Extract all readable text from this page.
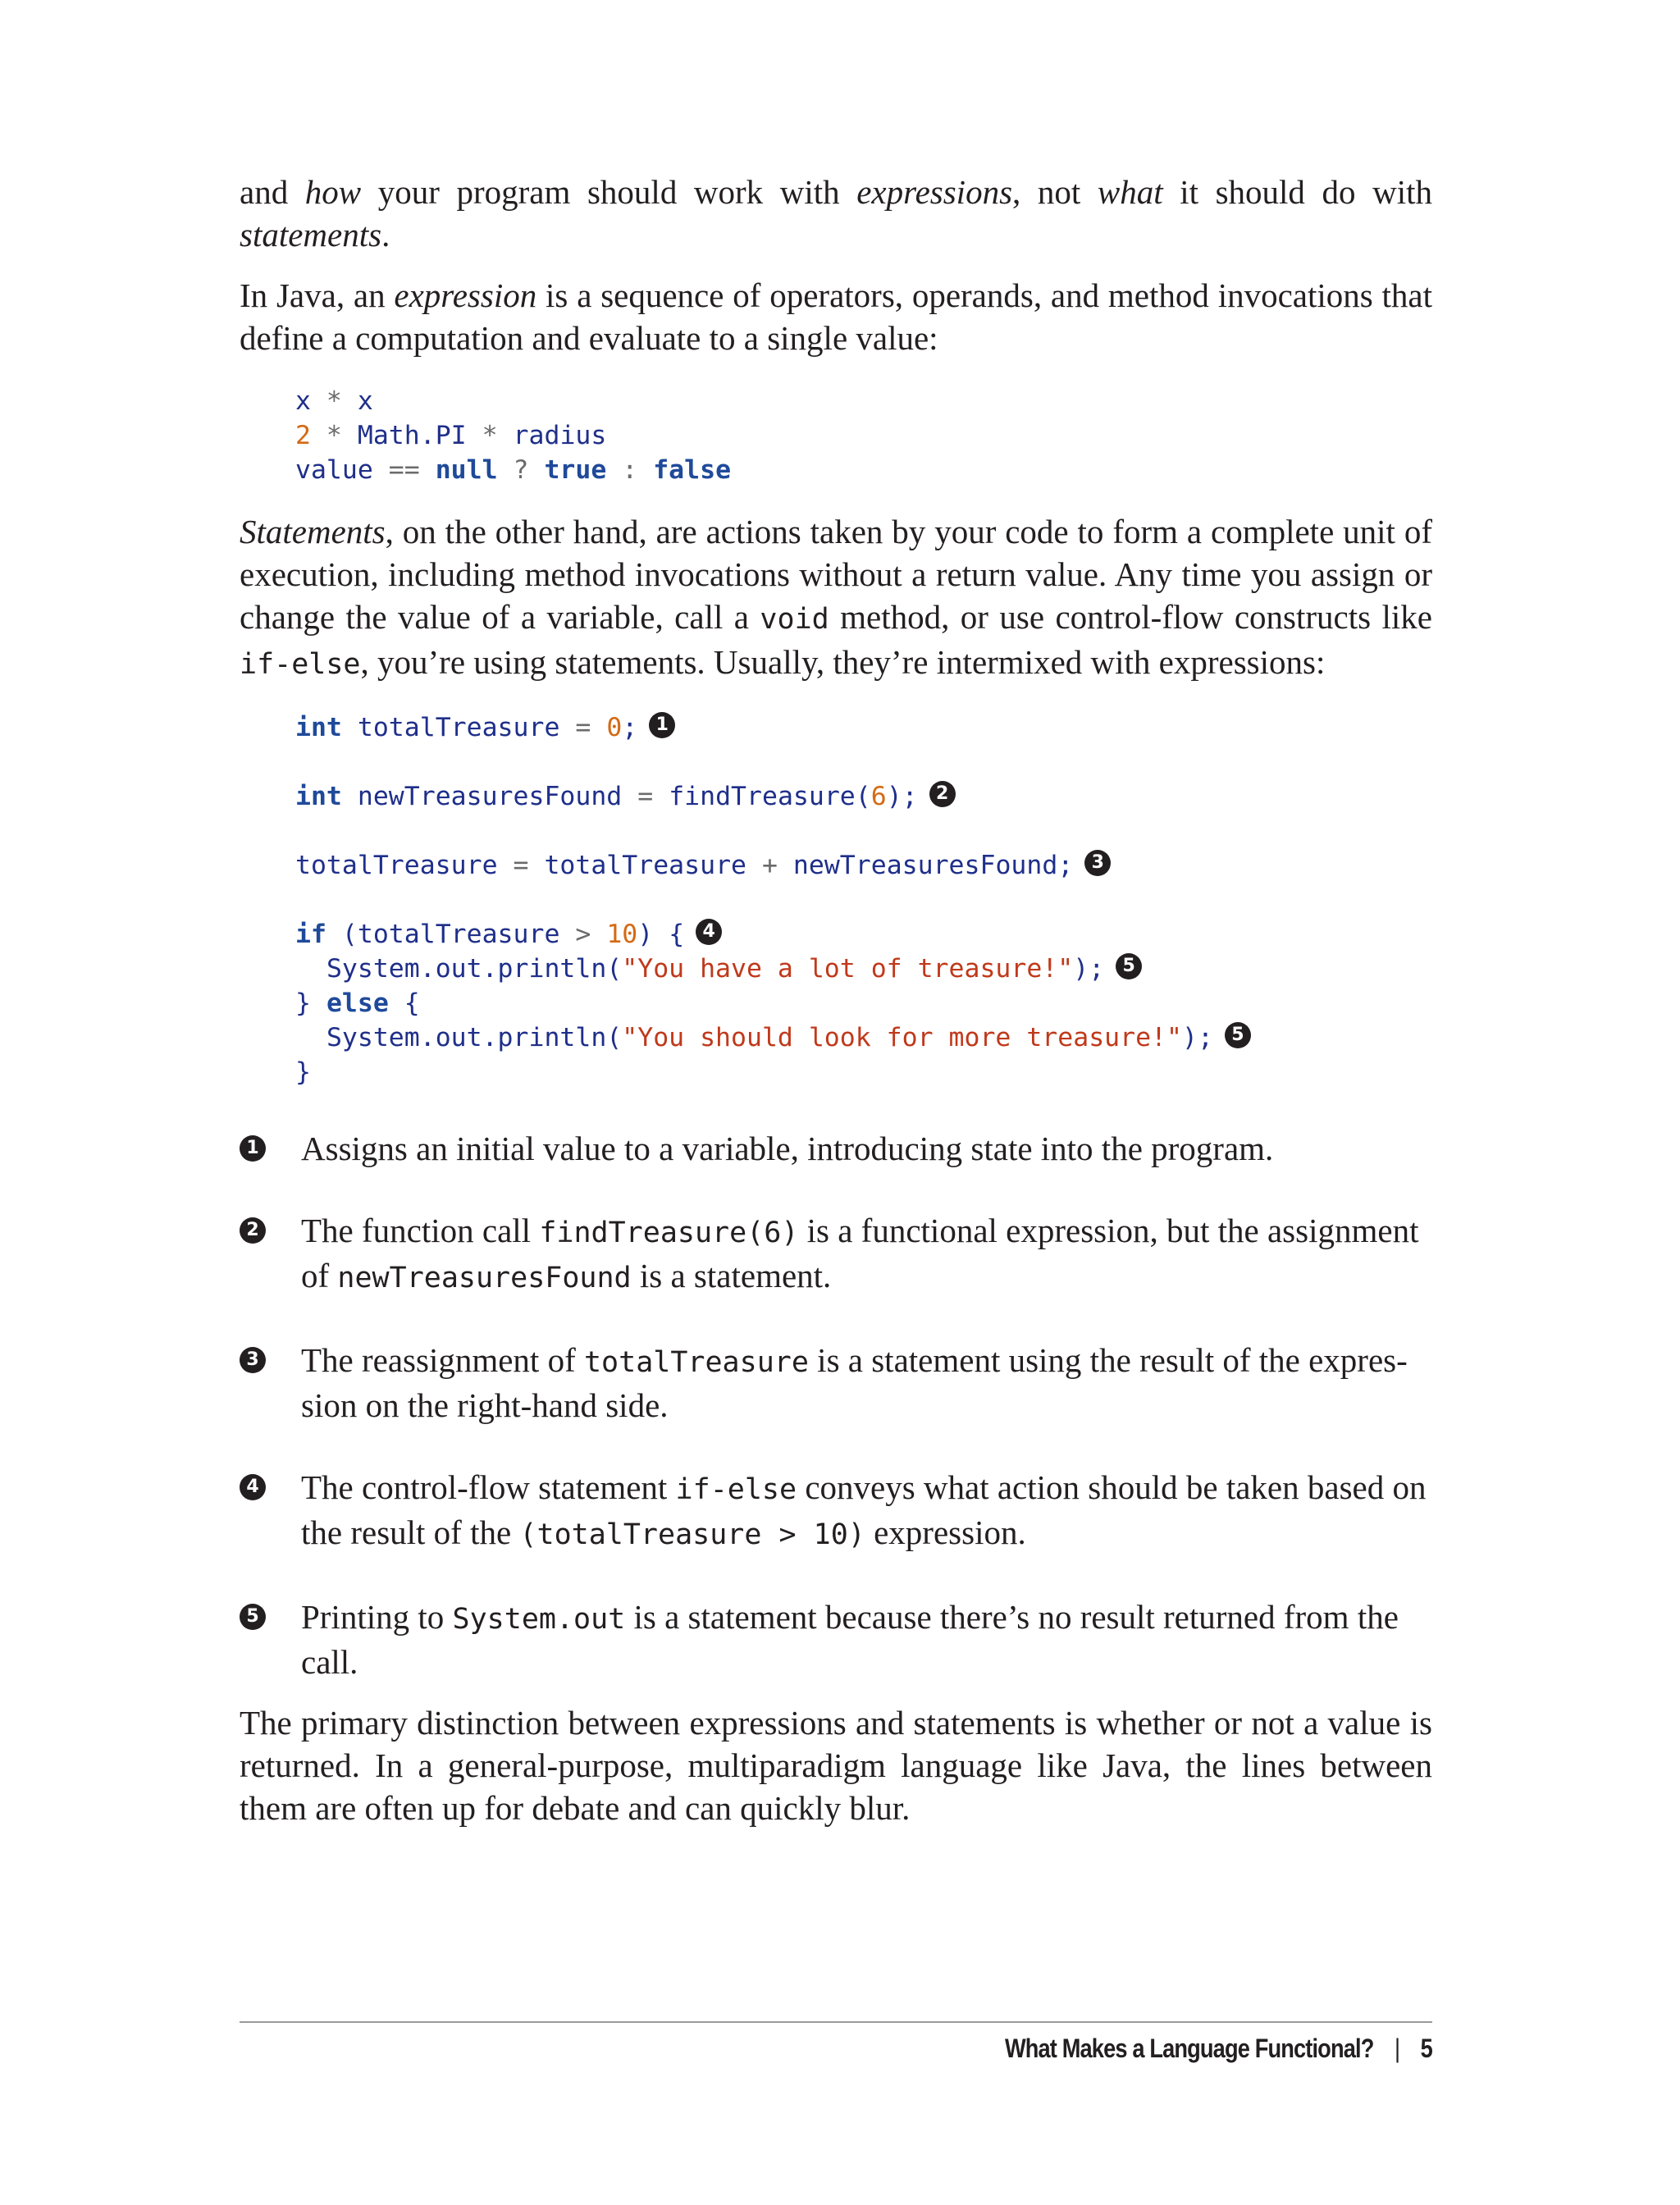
and how your program should work with expressions, not what it should do with statements.

In Java, an expression is a sequence of operators, operands, and method invocations that define a computation and evaluate to a single value:

x * x
2 * Math.PI * radius
value == null ? true : false

Statements, on the other hand, are actions taken by your code to form a complete unit of execution, including method invocations without a return value. Any time you assign or change the value of a variable, call a void method, or use control-flow constructs like if-else, you’re using statements. Usually, they’re intermixed with expressions:

int totalTreasure = 0; 1

int newTreasuresFound = findTreasure(6); 2

totalTreasure = totalTreasure + newTreasuresFound; 3

if (totalTreasure > 10) { 4
System.out.println("You have a lot of treasure!"); 5
} else {
System.out.println("You should look for more treasure!"); 5
}
1 Assigns an initial value to a variable, introducing state into the program.
2 The function call findTreasure(6) is a functional expression, but the assignment of newTreasuresFound is a statement.
3 The reassignment of totalTreasure is a statement using the result of the expression on the right-hand side.
4 The control-flow statement if-else conveys what action should be taken based on the result of the (totalTreasure > 10) expression.
5 Printing to System.out is a statement because there’s no result returned from the call.

The primary distinction between expressions and statements is whether or not a value is returned. In a general-purpose, multiparadigm language like Java, the lines between them are often up for debate and can quickly blur.

What Makes a Language Functional? | 5
